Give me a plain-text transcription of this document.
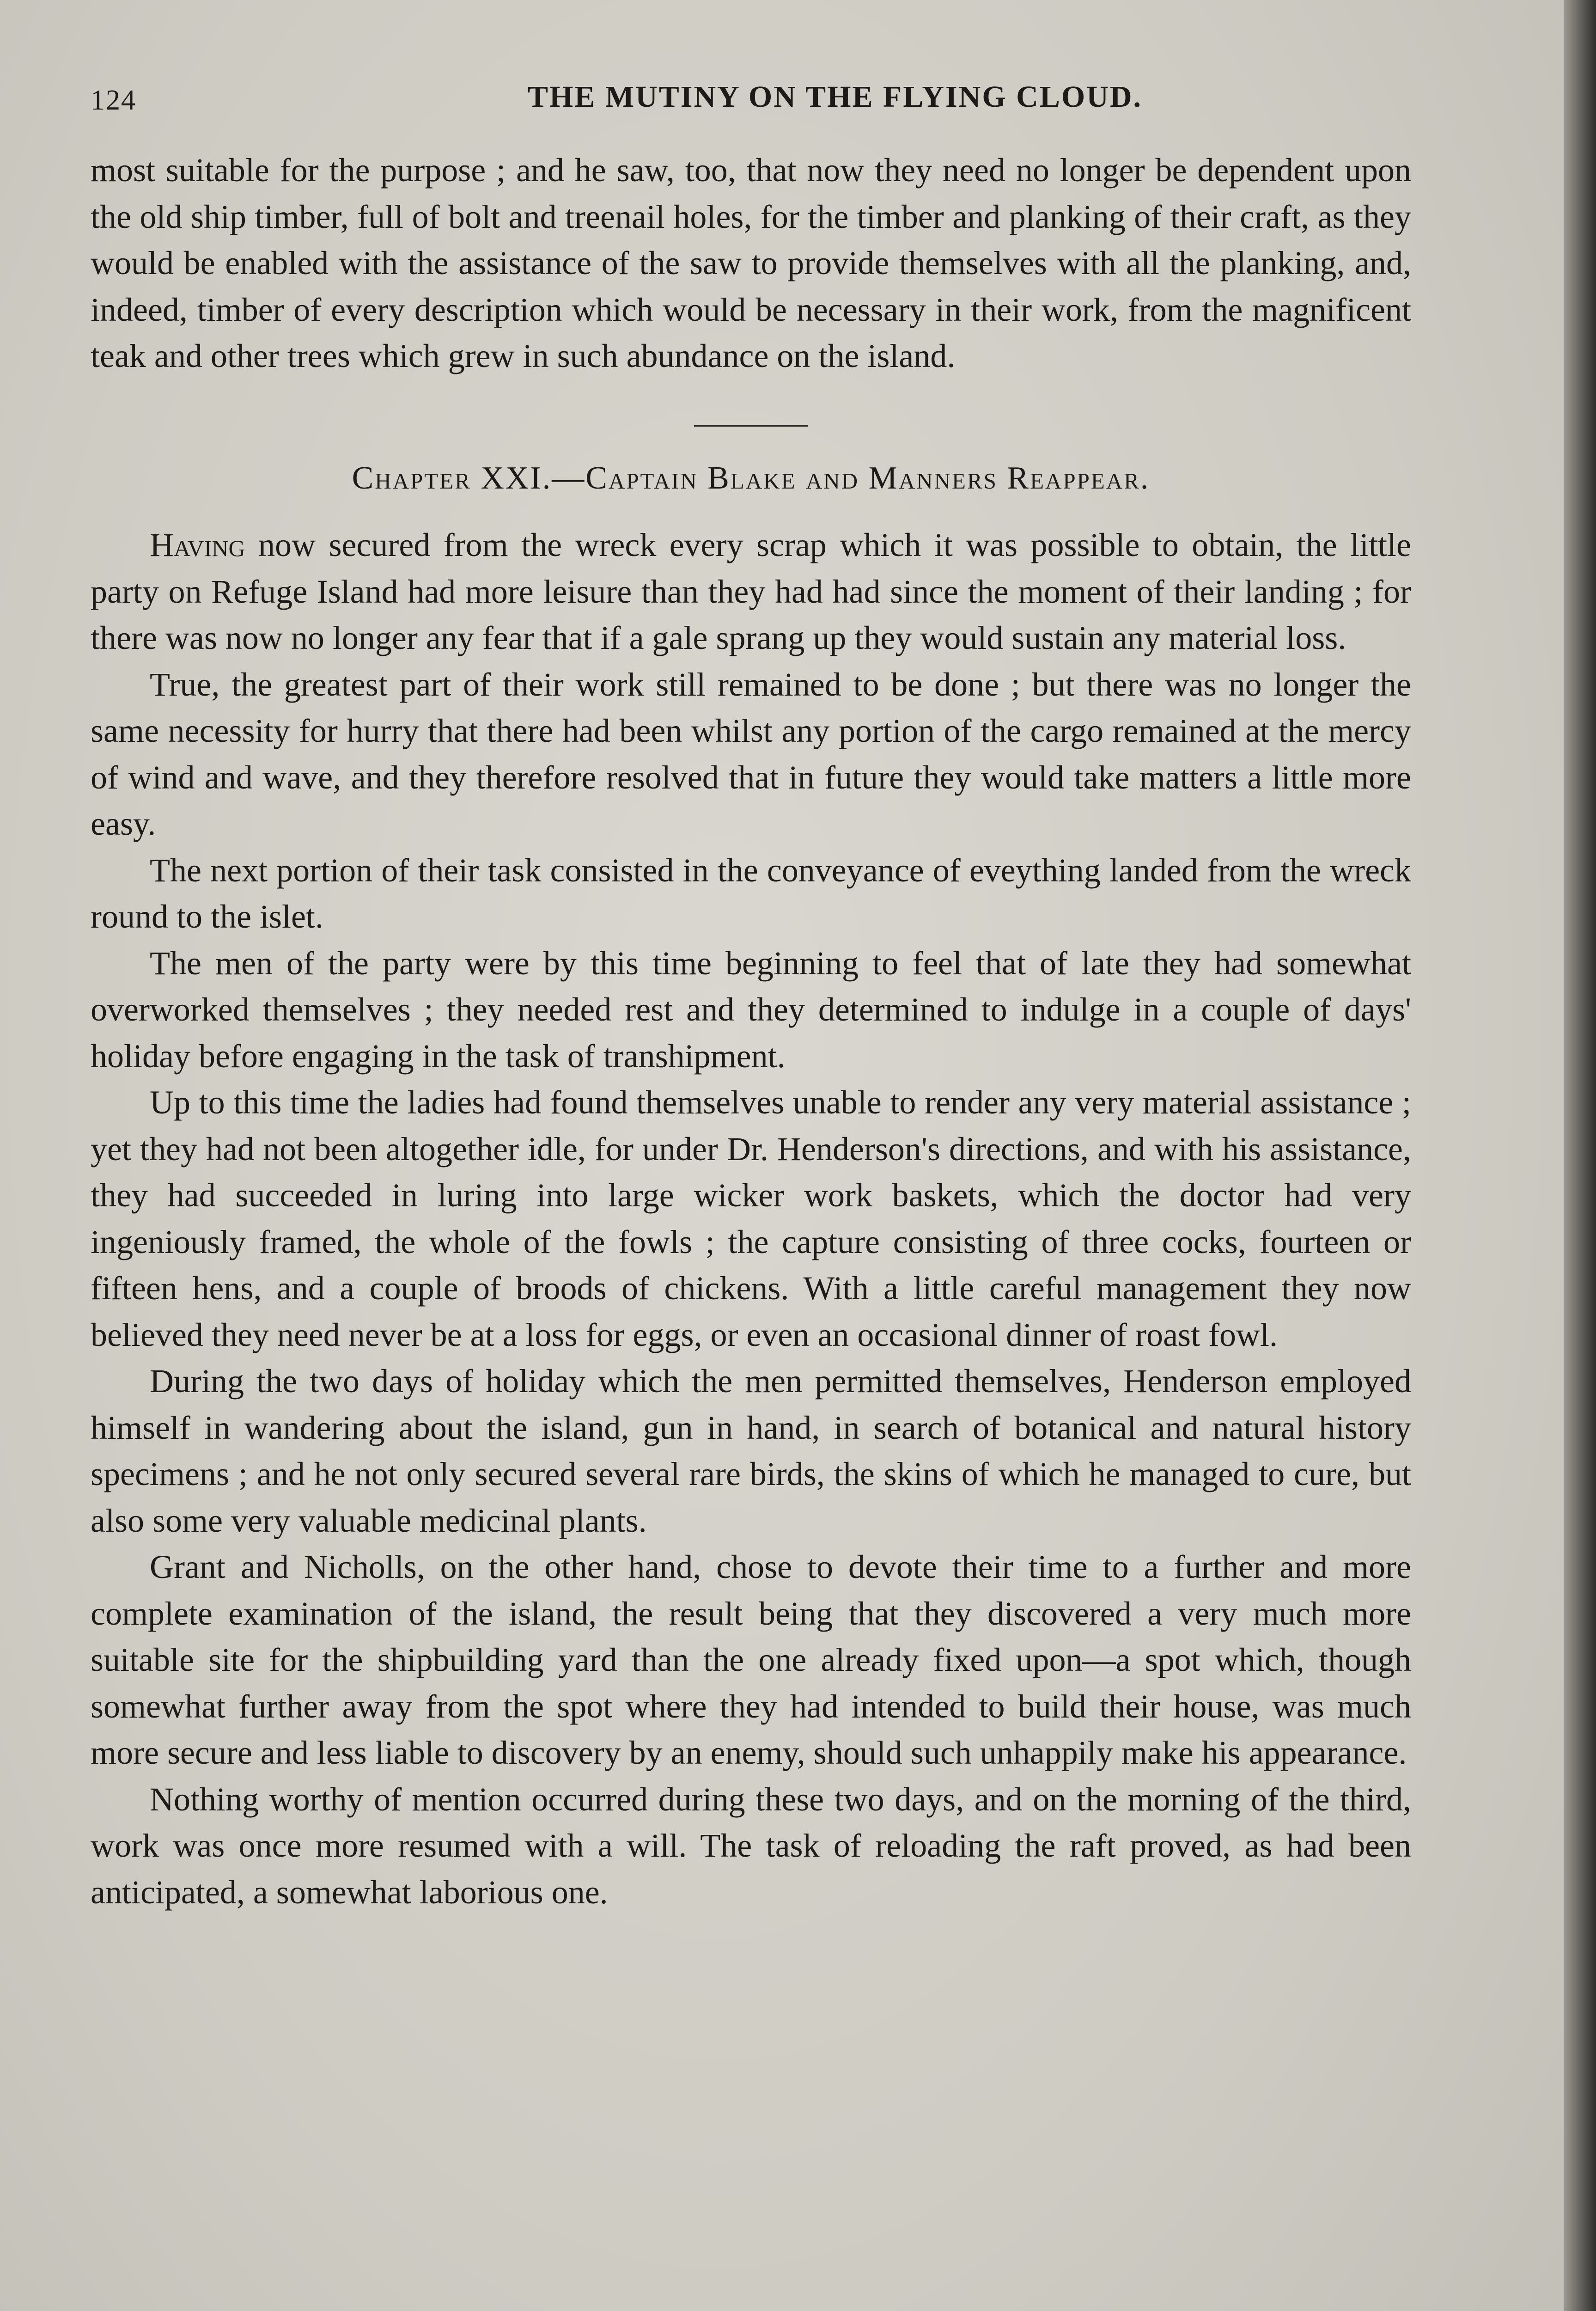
124	THE MUTINY ON THE FLYING CLOUD.

most suitable for the purpose ; and he saw, too, that now they need no longer be dependent upon the old ship timber, full of bolt and treenail holes, for the timber and planking of their craft, as they would be enabled with the assistance of the saw to provide themselves with all the planking, and, indeed, timber of every description which would be necessary in their work, from the magnificent teak and other trees which grew in such abundance on the island.

Chapter XXI.—Captain Blake and Manners Reappear.

Having now secured from the wreck every scrap which it was possible to obtain, the little party on Refuge Island had more leisure than they had had since the moment of their landing ; for there was now no longer any fear that if a gale sprang up they would sustain any material loss.

True, the greatest part of their work still remained to be done ; but there was no longer the same necessity for hurry that there had been whilst any portion of the cargo remained at the mercy of wind and wave, and they therefore resolved that in future they would take matters a little more easy.

The next portion of their task consisted in the conveyance of eveything landed from the wreck round to the islet.

The men of the party were by this time beginning to feel that of late they had somewhat overworked themselves ; they needed rest and they determined to indulge in a couple of days' holiday before engaging in the task of transhipment.

Up to this time the ladies had found themselves unable to render any very material assistance ; yet they had not been altogether idle, for under Dr. Henderson's directions, and with his assistance, they had succeeded in luring into large wicker work baskets, which the doctor had very ingeniously framed, the whole of the fowls ; the capture consisting of three cocks, fourteen or fifteen hens, and a couple of broods of chickens. With a little careful management they now believed they need never be at a loss for eggs, or even an occasional dinner of roast fowl.

During the two days of holiday which the men permitted themselves, Henderson employed himself in wandering about the island, gun in hand, in search of botanical and natural history specimens ; and he not only secured several rare birds, the skins of which he managed to cure, but also some very valuable medicinal plants.

Grant and Nicholls, on the other hand, chose to devote their time to a further and more complete examination of the island, the result being that they discovered a very much more suitable site for the shipbuilding yard than the one already fixed upon—a spot which, though somewhat further away from the spot where they had intended to build their house, was much more secure and less liable to discovery by an enemy, should such unhappily make his appearance.

Nothing worthy of mention occurred during these two days, and on the morning of the third, work was once more resumed with a will. The task of reloading the raft proved, as had been anticipated, a somewhat laborious one.
